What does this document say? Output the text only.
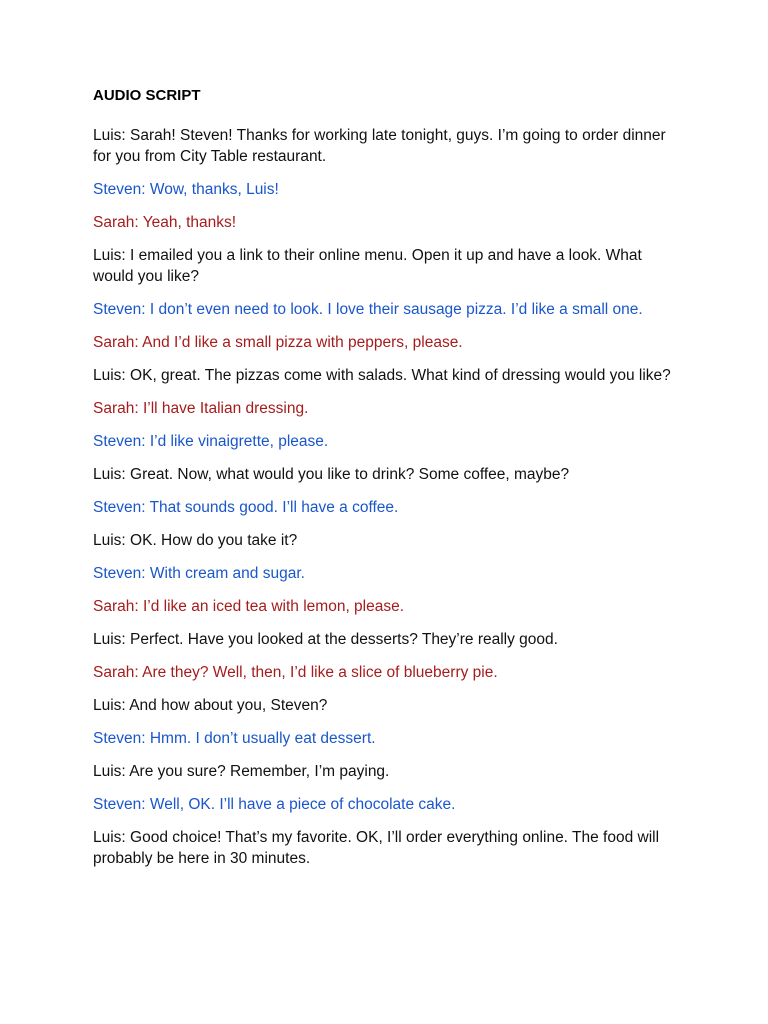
AUDIO SCRIPT
Luis: Sarah! Steven! Thanks for working late tonight, guys. I’m going to order dinner for you from City Table restaurant.
Steven: Wow, thanks, Luis!
Sarah: Yeah, thanks!
Luis: I emailed you a link to their online menu. Open it up and have a look. What would you like?
Steven: I don’t even need to look. I love their sausage pizza. I’d like a small one.
Sarah: And I’d like a small pizza with peppers, please.
Luis: OK, great. The pizzas come with salads. What kind of dressing would you like?
Sarah: I’ll have Italian dressing.
Steven: I’d like vinaigrette, please.
Luis: Great. Now, what would you like to drink? Some coffee, maybe?
Steven: That sounds good. I’ll have a coffee.
Luis: OK. How do you take it?
Steven: With cream and sugar.
Sarah: I’d like an iced tea with lemon, please.
Luis: Perfect. Have you looked at the desserts? They’re really good.
Sarah: Are they? Well, then, I’d like a slice of blueberry pie.
Luis: And how about you, Steven?
Steven: Hmm. I don’t usually eat dessert.
Luis: Are you sure? Remember, I’m paying.
Steven: Well, OK. I’ll have a piece of chocolate cake.
Luis: Good choice! That’s my favorite. OK, I’ll order everything online. The food will probably be here in 30 minutes.
